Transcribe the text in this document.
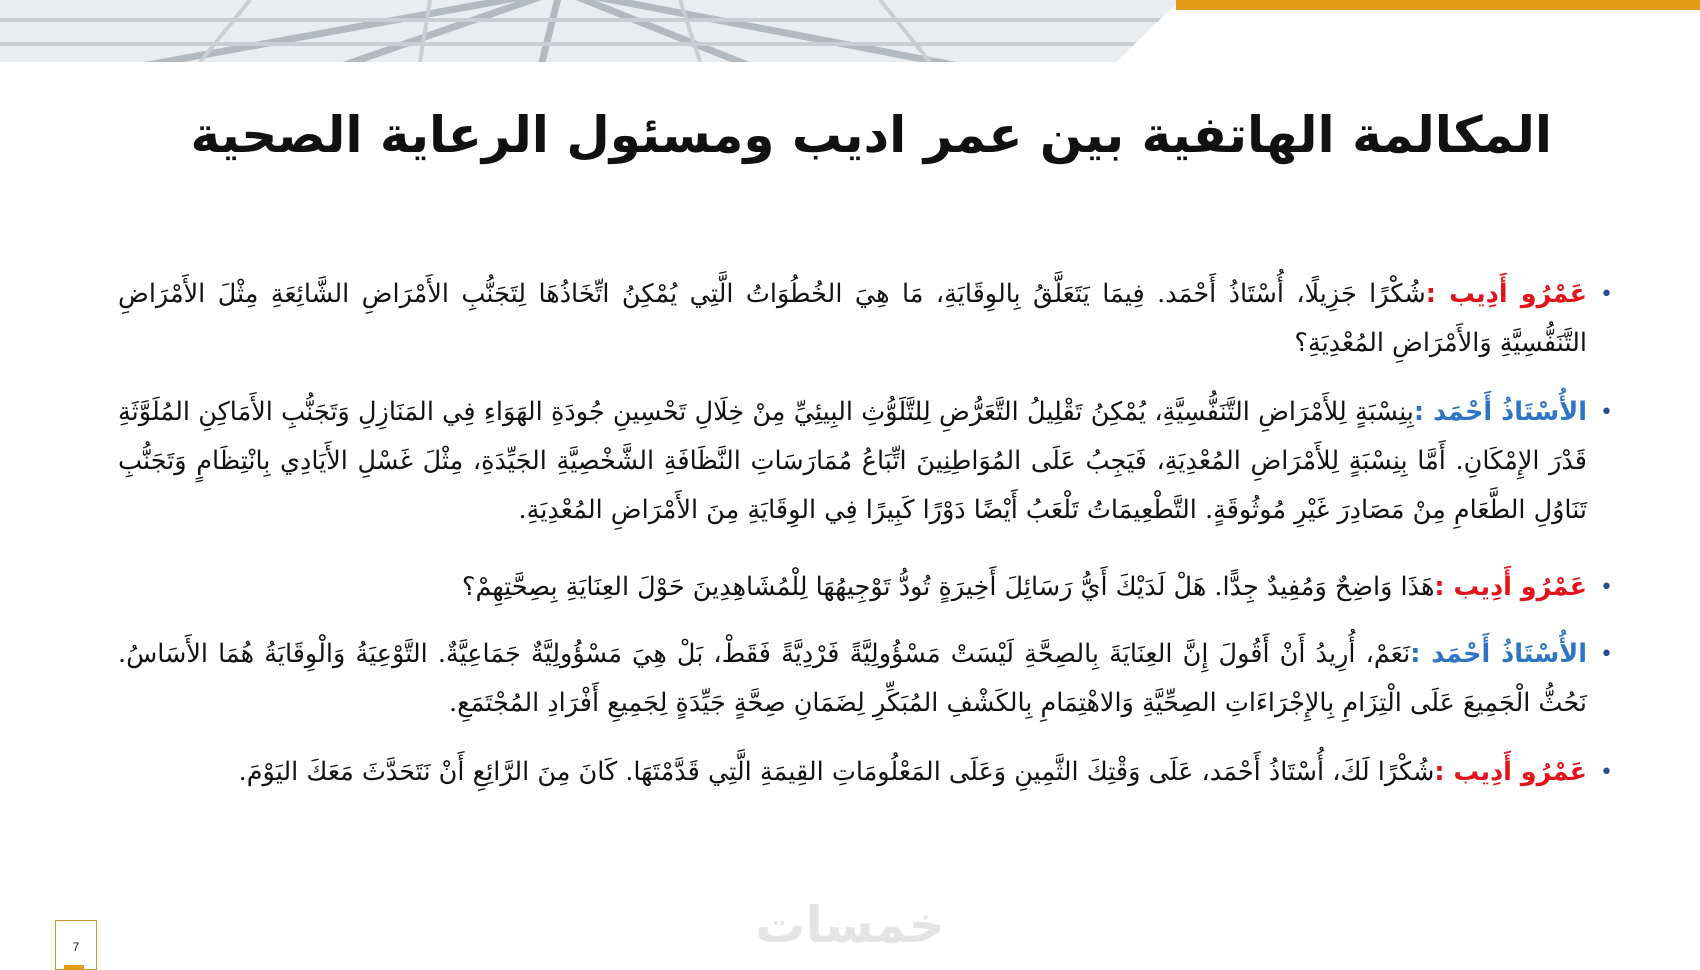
المكالمة الهاتفية بين عمر اديب ومسئول الرعاية الصحية

•
عَمْرُو أَدِيب :شُكْرًا جَزِيلًا، أُسْتَاذُ أَحْمَد. فِيمَا يَتَعَلَّقُ بِالوِقَايَةِ، مَا هِيَ الخُطُوَاتُ الَّتِي يُمْكِنُ اتِّخَاذُهَا لِتَجَنُّبِ الأَمْرَاضِ الشَّائِعَةِ مِثْلَ الأَمْرَاضِ التَّنَفُّسِيَّةِ وَالأَمْرَاضِ المُعْدِيَةِ؟

•
الأُسْتَاذُ أَحْمَد :بِنِسْبَةٍ لِلأَمْرَاضِ التَّنَفُّسِيَّةِ، يُمْكِنُ تَقْلِيلُ التَّعَرُّضِ لِلتَّلَوُّثِ البِيئِيِّ مِنْ خِلَالِ تَحْسِينِ جُودَةِ الهَوَاءِ فِي المَنَازِلِ وَتَجَنُّبِ الأَمَاكِنِ المُلَوَّثَةِ قَدْرَ الإِمْكَانِ. أَمَّا بِنِسْبَةٍ لِلأَمْرَاضِ المُعْدِيَةِ، فَيَجِبُ عَلَى المُوَاطِنِينَ اتِّبَاعُ مُمَارَسَاتِ النَّظَافَةِ الشَّخْصِيَّةِ الجَيِّدَةِ، مِثْلَ غَسْلِ الأَيَادِي بِانْتِظَامٍ وَتَجَنُّبِ تَنَاوُلِ الطَّعَامِ مِنْ مَصَادِرَ غَيْرِ مُوثُوقَةٍ. التَّطْعِيمَاتُ تَلْعَبُ أَيْضًا دَوْرًا كَبِيرًا فِي الوِقَايَةِ مِنَ الأَمْرَاضِ المُعْدِيَةِ.

•
عَمْرُو أَدِيب :هَذَا وَاضِحٌ وَمُفِيدٌ جِدًّا. هَلْ لَدَيْكَ أَيُّ رَسَائِلَ أَخِيرَةٍ تُودُّ تَوْجِيهُهَا لِلْمُشَاهِدِينَ حَوْلَ العِنَايَةِ بِصِحَّتِهِمْ؟

•
الأُسْتَاذُ أَحْمَد :نَعَمْ، أُرِيدُ أَنْ أَقُولَ إِنَّ العِنَايَةَ بِالصِحَّةِ لَيْسَتْ مَسْؤُولِيَّةً فَرْدِيَّةً فَقَطْ، بَلْ هِيَ مَسْؤُولِيَّةٌ جَمَاعِيَّةٌ. التَّوْعِيَةُ وَالْوِقَايَةُ هُمَا الأَسَاسُ. نَحُثُّ الْجَمِيعَ عَلَى الْتِزَامِ بِالإِجْرَاءَاتِ الصِحِّيَّةِ وَالاهْتِمَامِ بِالكَشْفِ المُبَكِّرِ لِضَمَانِ صِحَّةٍ جَيِّدَةٍ لِجَمِيعِ أَفْرَادِ المُجْتَمَعِ.

•
عَمْرُو أَدِيب :شُكْرًا لَكَ، أُسْتَاذُ أَحْمَد، عَلَى وَقْتِكَ الثَّمِينِ وَعَلَى المَعْلُومَاتِ القِيمَةِ الَّتِي قَدَّمْتَهَا. كَانَ مِنَ الرَّائِعِ أَنْ نَتَحَدَّثَ مَعَكَ اليَوْمَ.

خمسات
7
